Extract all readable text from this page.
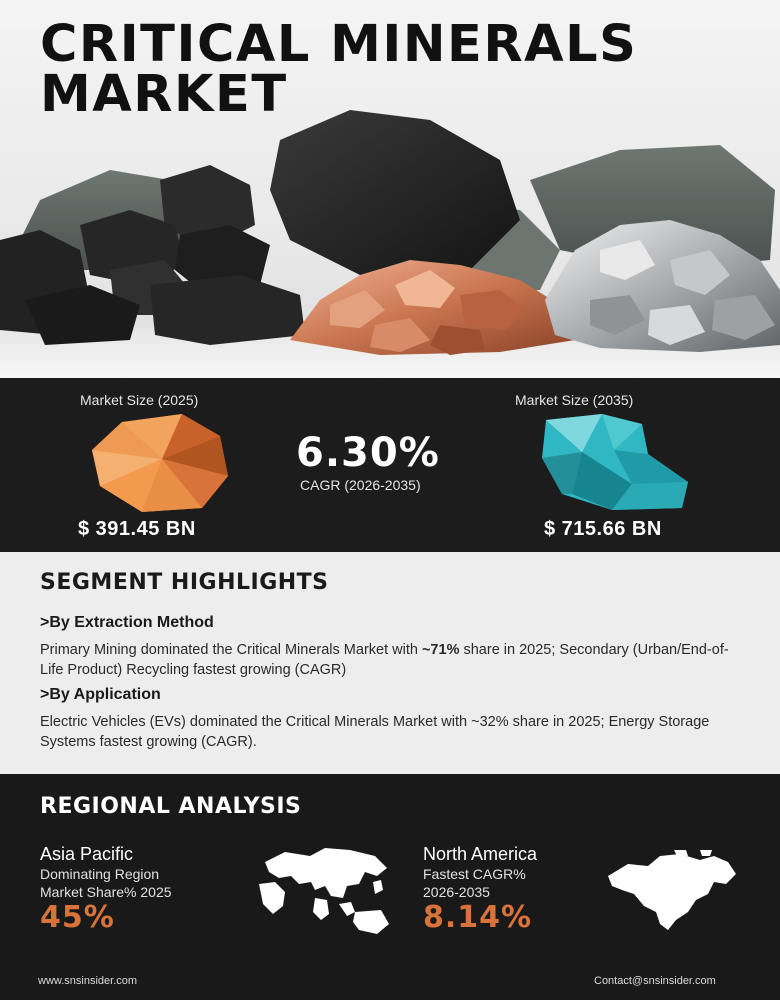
CRITICAL MINERALS
MARKET
Market Size (2025)
$ 391.45 BN
6.30%
CAGR (2026-2035)
Market Size (2035)
$ 715.66 BN
SEGMENT HIGHLIGHTS
>By Extraction Method
Primary Mining dominated the Critical Minerals Market with ~71% share in 2025; Secondary (Urban/End-of-Life Product) Recycling fastest growing (CAGR)
>By Application
Electric Vehicles (EVs) dominated the Critical Minerals Market with ~32% share in 2025; Energy Storage Systems fastest growing (CAGR).
REGIONAL ANALYSIS
Asia Pacific
Dominating Region
Market Share% 2025
45%
North America
Fastest CAGR%
2026-2035
8.14%
www.snsinsider.com	Contact@snsinsider.com
